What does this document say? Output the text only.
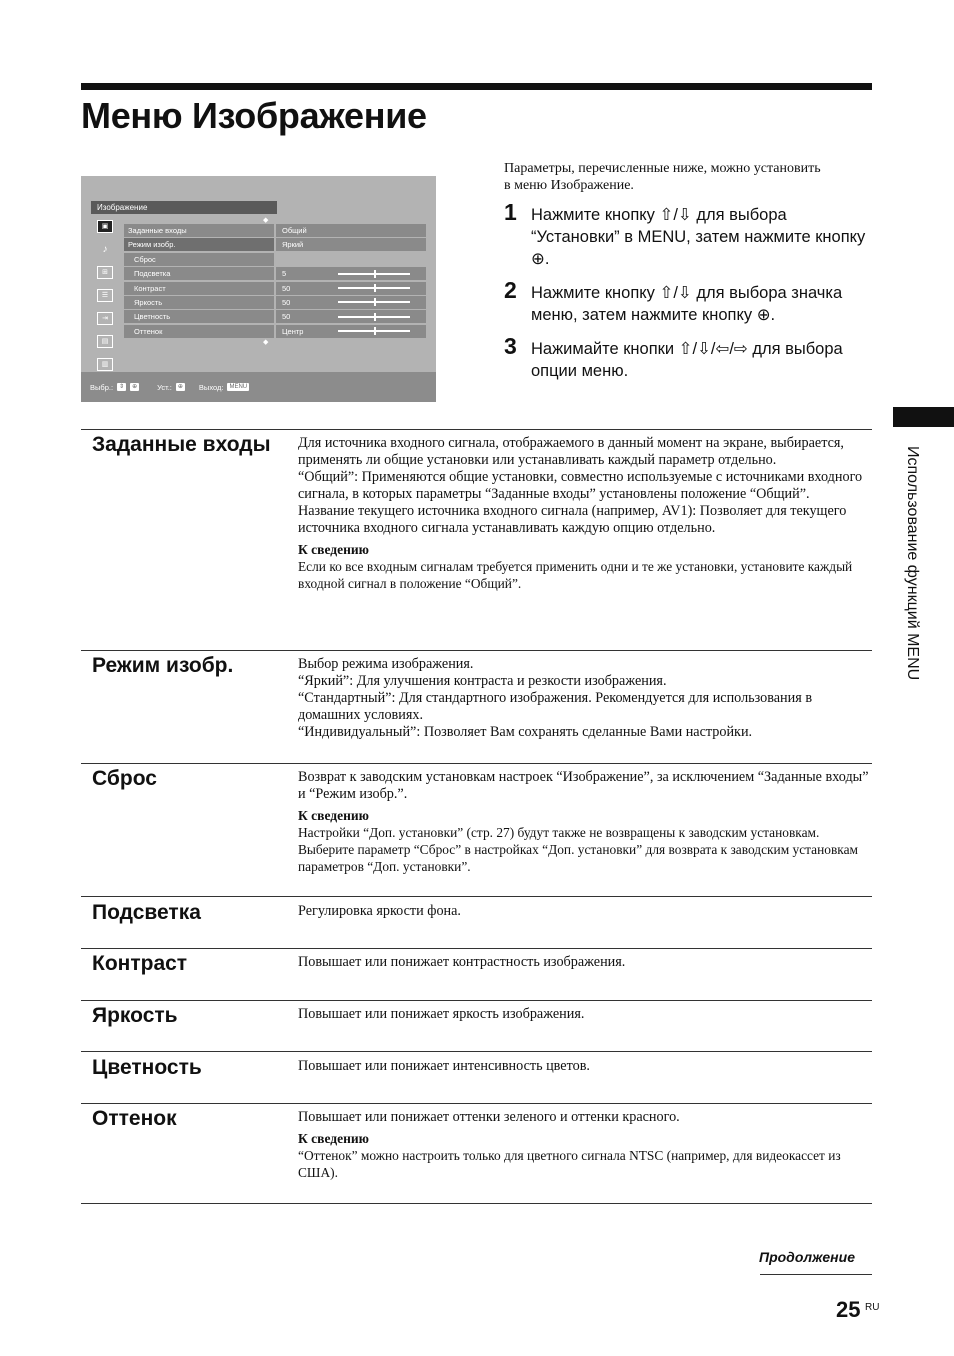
Меню Изображение
Изображение
▣
♪
⊞
☰
⇥
▤
▥
◆
Заданные входы	Общий
Режим изобр.	Яркий
Сброс
Подсветка	5
Контраст	50
Яркость	50
Цветность	50
Оттенок	Центр
◆
Выбр.:	⇕	⊕	Уст.:	⊕ Выход:	MENU
Параметры, перечисленные ниже, можно установить в меню Изображение.
1 Нажмите кнопку ⇧/⇩ для выбора “Установки” в MENU, затем нажмите кнопку ⊕.
2 Нажмите кнопку ⇧/⇩ для выбора значка меню, затем нажмите кнопку ⊕.
3 Нажимайте кнопки ⇧/⇩/⇦/⇨ для выбора опции меню.
Использование функций MENU
Заданные входы Для источника входного сигнала, отображаемого в данный момент на экране, выбирается, применять ли общие установки или устанавливать каждый параметр отдельно.

“Общий”: Применяются общие установки, совместно используемые с источниками входного сигнала, в которых параметры “Заданные входы” установлены положение “Общий”.

Название текущего источника входного сигнала (например, AV1): Позволяет для текущего источника входного сигнала устанавливать каждую опцию отдельно.

К сведению

Если ко все входным сигналам требуется применить одни и те же установки, установите каждый входной сигнал в положение “Общий”.

Режим изобр.	Выбор режима изображения.

“Яркий”: Для улучшения контраста и резкости изображения.

“Стандартный”: Для стандартного изображения. Рекомендуется для использования в домашних условиях.

“Индивидуальный”: Позволяет Вам сохранять сделанные Вами настройки.

Сброс	Возврат к заводским установкам настроек “Изображение”, за исключением “Заданные входы” и “Режим изобр.”.

К сведению

Настройки “Доп. установки” (стр. 27) будут также не возвращены к заводским установкам. Выберите параметр “Сброс” в настройках “Доп. установки” для возврата к заводским установкам параметров “Доп. установки”.

Подсветка	Регулировка яркости фона.

Контраст	Повышает или понижает контрастность изображения.

Яркость	Повышает или понижает яркость изображения.

Цветность	Повышает или понижает интенсивность цветов.

Оттенок	Повышает или понижает оттенки зеленого и оттенки красного.

К сведению

“Оттенок” можно настроить только для цветного сигнала NTSC (например, для видеокассет из США).

Продолжение
25 RU
